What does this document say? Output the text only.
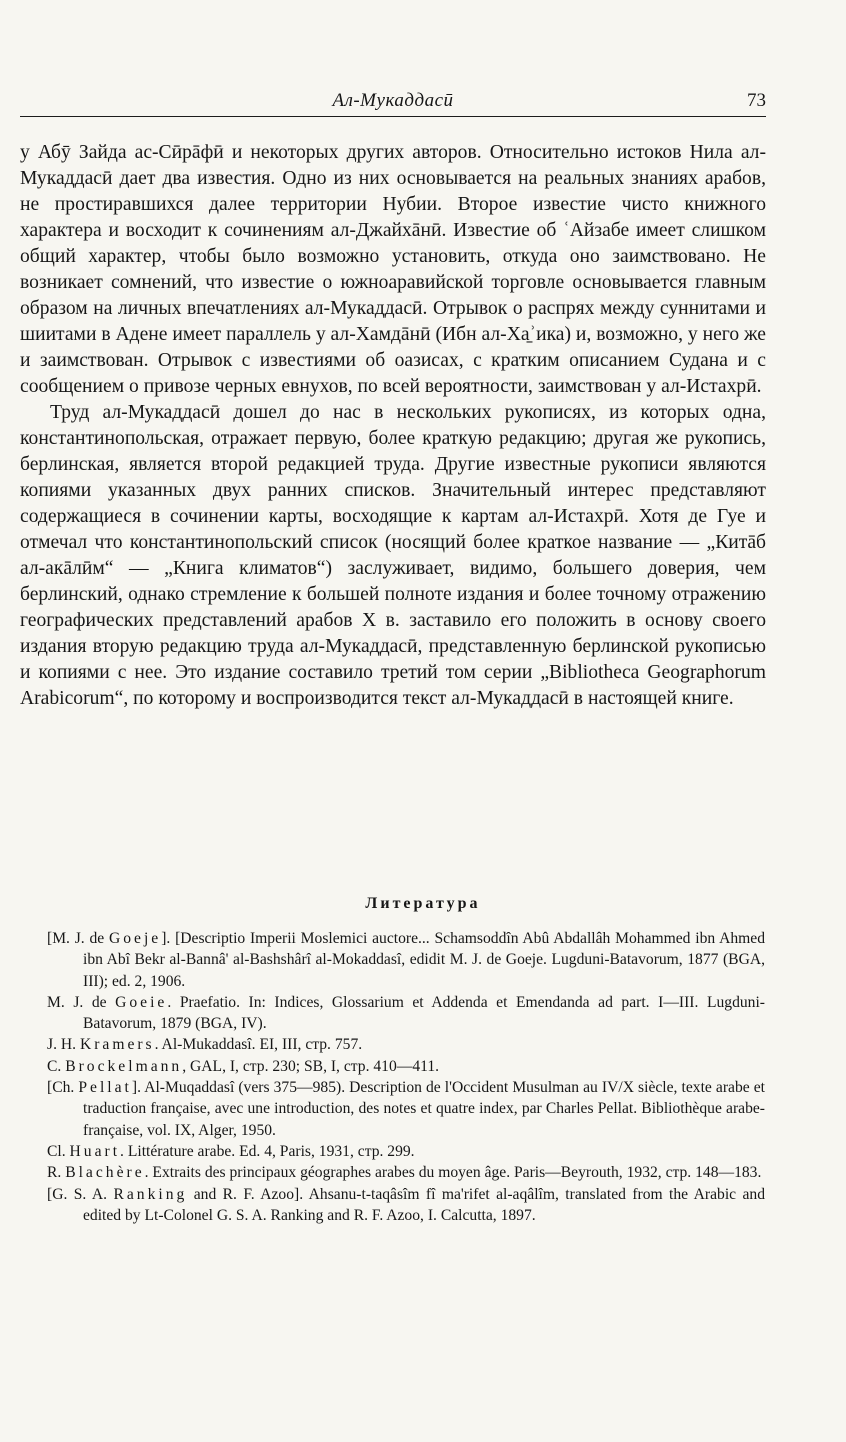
Ал-Мукаддасӣ	73

у Абӯ Зайда ас-Сӣрāфӣ и некоторых других авторов. Относительно истоков Нила ал-Мукаддасӣ дает два известия. Одно из них основывается на реальных знаниях арабов, не простиравшихся далее территории Нубии. Второе известие чисто книжного характера и восходит к сочинениям ал-Джайхāнӣ. Известие об ʿАйзабе имеет слишком общий характер, чтобы было возможно установить, откуда оно заимствовано. Не возникает сомнений, что известие о южноаравийской торговле основывается главным образом на личных впечатлениях ал-Мукаддасӣ. Отрывок о распрях между суннитами и шиитами в Адене имеет параллель у ал-Хамдāнӣ (Ибн ал-Ха̱ʾика) и, возможно, у него же и заимствован. Отрывок с известиями об оазисах, с кратким описанием Судана и с сообщением о привозе черных евнухов, по всей вероятности, заимствован у ал-Истахрӣ.

Труд ал-Мукаддасӣ дошел до нас в нескольких рукописях, из которых одна, константинопольская, отражает первую, более краткую редакцию; другая же рукопись, берлинская, является второй редакцией труда. Другие известные рукописи являются копиями указанных двух ранних списков. Значительный интерес представляют содержащиеся в сочинении карты, восходящие к картам ал-Истахрӣ. Хотя де Гуе и отмечал что константинопольский список (носящий более краткое название — „Китāб ал-акāлӣм“ — „Книга климатов“) заслуживает, видимо, большего доверия, чем берлинский, однако стремление к большей полноте издания и более точному отражению географических представлений арабов X в. заставило его положить в основу своего издания вторую редакцию труда ал-Мукаддасӣ, представленную берлинской рукописью и копиями с нее. Это издание составило третий том серии „Bibliotheca Geographorum Arabicorum“, по которому и воспроизводится текст ал-Мукаддасӣ в настоящей книге.

Литература

[M. J. de Goeje]. [Descriptio Imperii Moslemici auctore... Schamsoddîn Abû Abdallâh Mohammed ibn Ahmed ibn Abî Bekr al-Bannâ' al-Bashshârî al-Mokaddasî, edidit M. J. de Goeje. Lugduni-Batavorum, 1877 (BGA, III); ed. 2, 1906.

M. J. de Goeie. Praefatio. In: Indices, Glossarium et Addenda et Emendanda ad part. I—III. Lugduni-Batavorum, 1879 (BGA, IV).

J. H. Kramers. Al-Mukaddasî. EI, III, стр. 757.

C. Brockelmann, GAL, I, стр. 230; SB, I, стр. 410—411.

[Ch. Pellat]. Al-Muqaddasî (vers 375—985). Description de l'Occident Musulman au IV/X siècle, texte arabe et traduction française, avec une introduction, des notes et quatre index, par Charles Pellat. Bibliothèque arabe-française, vol. IX, Alger, 1950.

Cl. Huart. Littérature arabe. Ed. 4, Paris, 1931, стр. 299.

R. Blachère. Extraits des principaux géographes arabes du moyen âge. Paris—Beyrouth, 1932, стр. 148—183.

[G. S. A. Ranking and R. F. Azoo]. Ahsanu-t-taqâsîm fî ma'rifet al-aqâlîm, translated from the Arabic and edited by Lt-Colonel G. S. A. Ranking and R. F. Azoo, I. Calcutta, 1897.
